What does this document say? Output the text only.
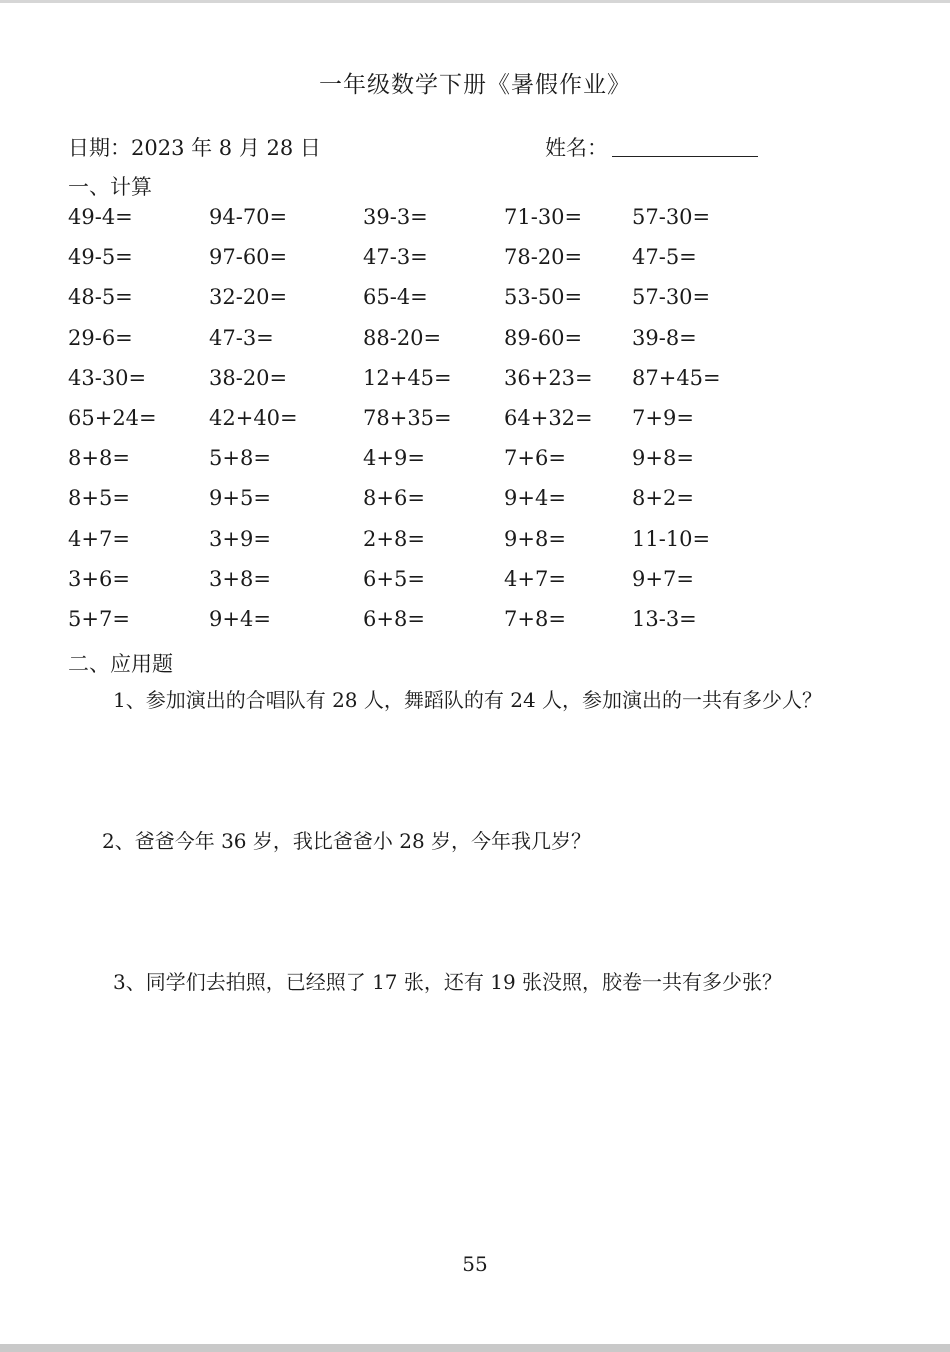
一年级数学下册《暑假作业》
日期：2023 年 8 月 28 日	姓名：
一、计算
49-4=	94-70=	39-3=	71-30= 57-30=
49-5=	97-60=	47-3=	78-20= 47-5=
48-5=	32-20=	65-4=	53-50= 57-30=
29-6=	47-3=	88-20=	89-60= 39-8=
43-30=	38-20=	12+45= 36+23= 87+45=
65+24= 42+40=	78+35= 64+32= 7+9=
8+8=	5+8=	4+9=	7+6=	9+8=
8+5=	9+5=	8+6=	9+4=	8+2=
4+7=	3+9=	2+8=	9+8=	11-10=
3+6=	3+8=	6+5=	4+7=	9+7=
5+7=	9+4=	6+8=	7+8=	13-3=
二、应用题
1、参加演出的合唱队有 28 人，舞蹈队的有 24 人，参加演出的一共有多少人？
2、爸爸今年 36 岁，我比爸爸小 28 岁，今年我几岁？
3、同学们去拍照，已经照了 17 张，还有 19 张没照，胶卷一共有多少张？
55
